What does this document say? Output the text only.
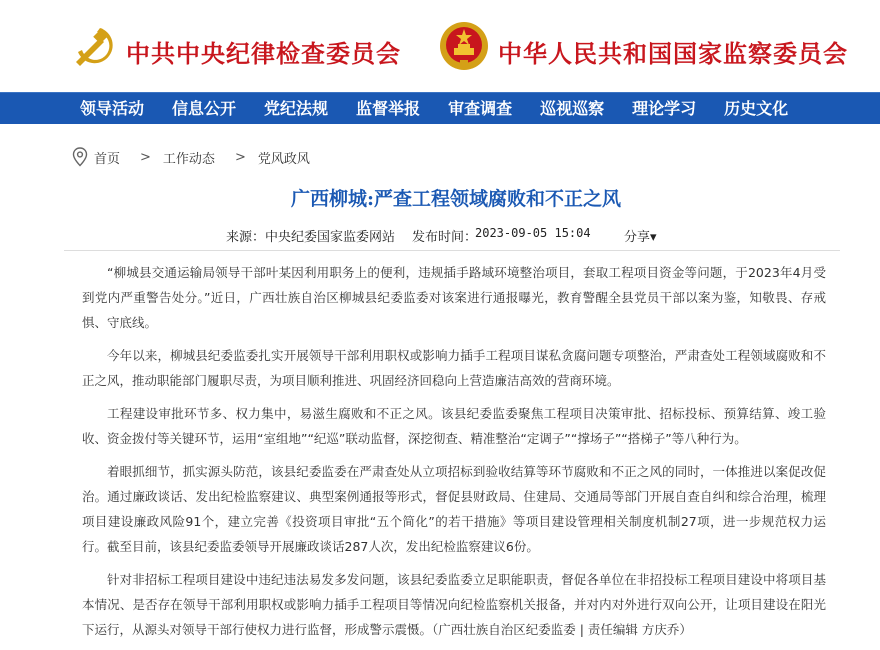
中共中央纪律检查委员会	中华人民共和国国家监察委员会
领导活动	信息公开	党纪法规	监督举报	审查调查	巡视巡察	理论学习	历史文化
首页 > 工作动态 > 党风政风
广西柳城:严查工程领域腐败和不正之风
来源：中央纪委国家监委网站 发布时间：
2023-09-05 15:04	分享▾

“柳城县交通运输局领导干部叶某因利用职务上的便利，违规插手路域环境整治项目，套取工程项目资金等问题，于2023年4月受到党内严重警告处分。”近日，广西壮族自治区柳城县纪委监委对该案进行通报曝光，教育警醒全县党员干部以案为鉴，知敬畏、存戒惧、守底线。

今年以来，柳城县纪委监委扎实开展领导干部利用职权或影响力插手工程项目谋私贪腐问题专项整治，严肃查处工程领域腐败和不正之风，推动职能部门履职尽责，为项目顺利推进、巩固经济回稳向上营造廉洁高效的营商环境。

工程建设审批环节多、权力集中，易滋生腐败和不正之风。该县纪委监委聚焦工程项目决策审批、招标投标、预算结算、竣工验收、资金拨付等关键环节，运用“室组地”“纪巡”联动监督，深挖彻查、精准整治“定调子”“撑场子”“搭梯子”等八种行为。

着眼抓细节，抓实源头防范，该县纪委监委在严肃查处从立项招标到验收结算等环节腐败和不正之风的同时，一体推进以案促改促治。通过廉政谈话、发出纪检监察建议、典型案例通报等形式，督促县财政局、住建局、交通局等部门开展自查自纠和综合治理，梳理项目建设廉政风险91个，建立完善《投资项目审批“五个简化”的若干措施》等项目建设管理相关制度机制27项，进一步规范权力运行。截至目前，该县纪委监委领导开展廉政谈话287人次，发出纪检监察建议6份。

针对非招标工程项目建设中违纪违法易发多发问题，该县纪委监委立足职能职责，督促各单位在非招投标工程项目建设中将项目基本情况、是否存在领导干部利用职权或影响力插手工程项目等情况向纪检监察机关报备，并对内对外进行双向公开，让项目建设在阳光下运行，从源头对领导干部行使权力进行监督，形成警示震慑。（广西壮族自治区纪委监委 | 责任编辑 方庆乔）
